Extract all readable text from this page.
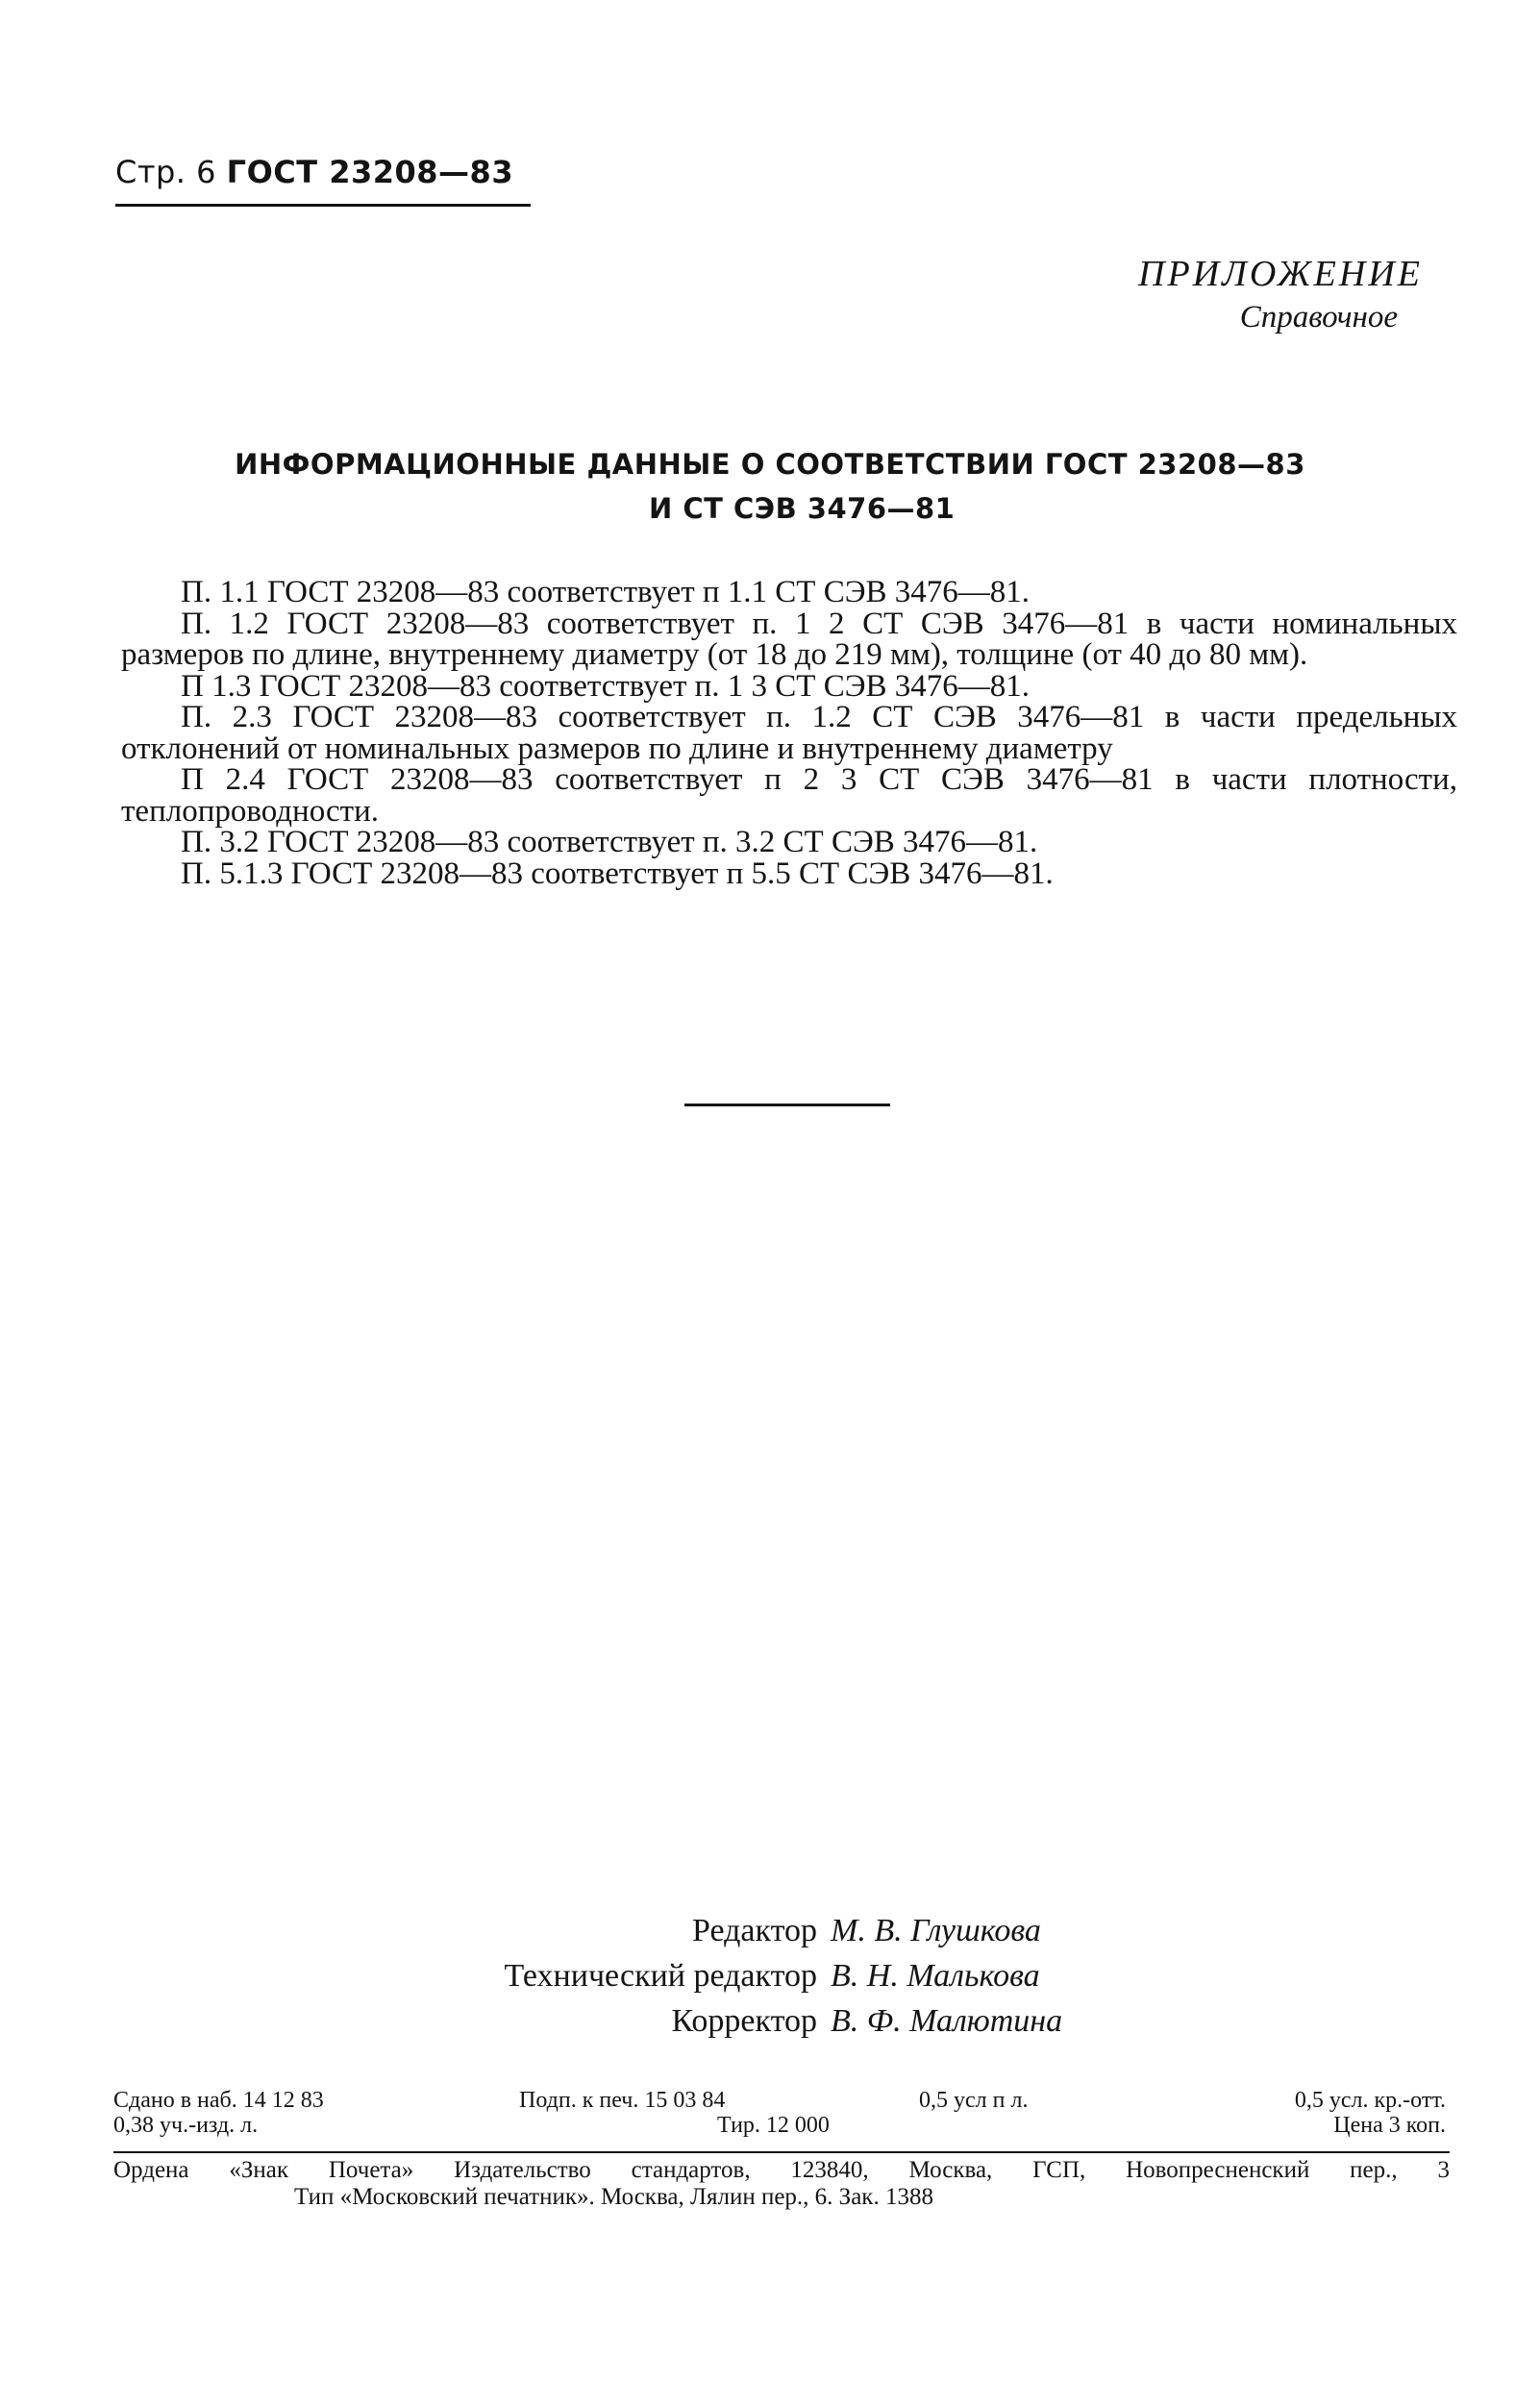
Стр. 6 ГОСТ 23208—83
ПРИЛОЖЕНИЕ
Справочное
ИНФОРМАЦИОННЫЕ ДАННЫЕ О СООТВЕТСТВИИ ГОСТ 23208—83
И СТ СЭВ 3476—81

П. 1.1 ГОСТ 23208—83 соответствует п 1.1 СТ СЭВ 3476—81.

П. 1.2 ГОСТ 23208—83 соответствует п. 1 2 СТ СЭВ 3476—81 в части номинальных размеров по длине, внутреннему диаметру (от 18 до 219 мм), толщине (от 40 до 80 мм).

П 1.3 ГОСТ 23208—83 соответствует п. 1 3 СТ СЭВ 3476—81.

П. 2.3 ГОСТ 23208—83 соответствует п. 1.2 СТ СЭВ 3476—81 в части предельных отклонений от номинальных размеров по длине и внутреннему диаметру

П 2.4 ГОСТ 23208—83 соответствует п 2 3 СТ СЭВ 3476—81 в части плотности, теплопроводности.

П. 3.2 ГОСТ 23208—83 соответствует п. 3.2 СТ СЭВ 3476—81.

П. 5.1.3 ГОСТ 23208—83 соответствует п 5.5 СТ СЭВ 3476—81.

Редактор М. В. Глушкова
Технический редактор В. Н. Малькова
Корректор В. Ф. Малютина
Сдано в наб. 14 12 83	Подп. к печ. 15 03 84	0,5 усл п л.	0,5 усл. кр.-отт.
0,38 уч.-изд. л.	Тир. 12 000	Цена 3 коп.
Ордена «Знак Почета» Издательство стандартов, 123840, Москва, ГСП, Новопресненский пер., 3
Тип «Московский печатник». Москва, Лялин пер., 6. Зак. 1388
